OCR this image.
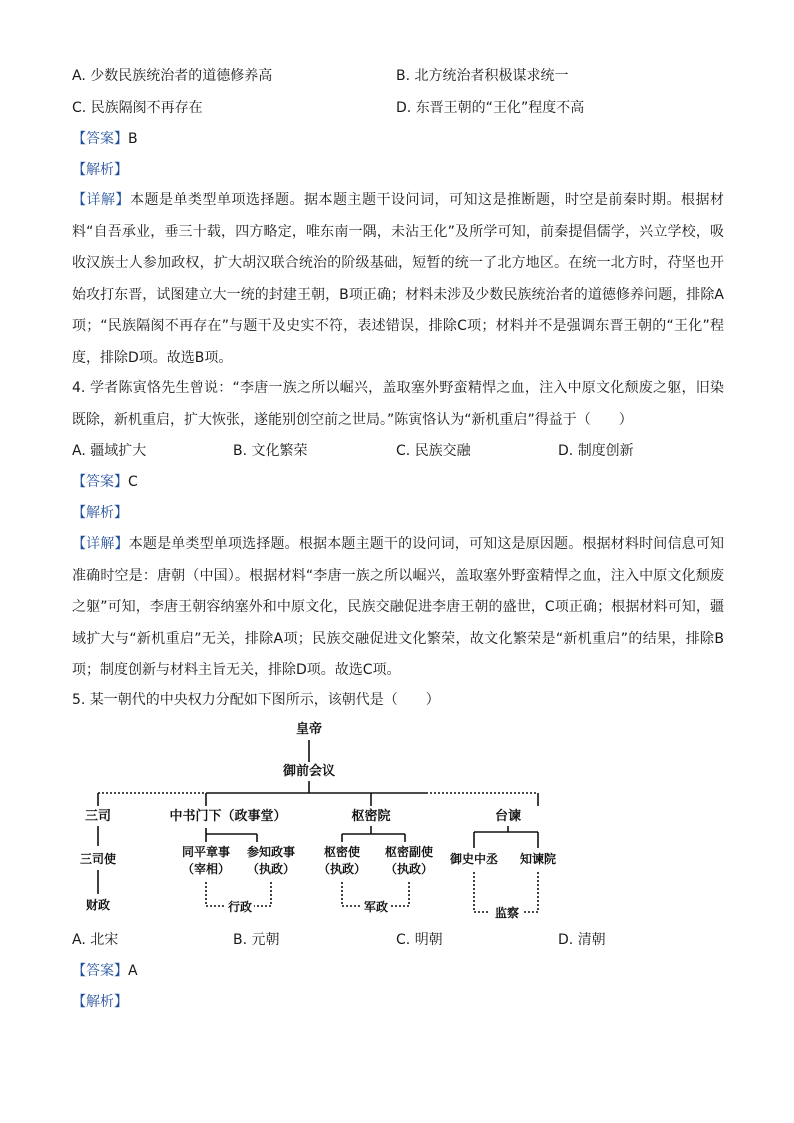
A. 少数民族统治者的道德修养高	B. 北方统治者积极谋求统一
C. 民族隔阂不再存在	D. 东晋王朝的“王化”程度不高
【答案】B
【解析】
【详解】本题是单类型单项选择题。据本题主题干设问词，可知这是推断题，时空是前秦时期。根据材料“自吾承业，垂三十载，四方略定，唯东南一隅，未沾王化”及所学可知，前秦提倡儒学，兴立学校，吸收汉族士人参加政权，扩大胡汉联合统治的阶级基础，短暂的统一了北方地区。在统一北方时，苻坚也开始攻打东晋，试图建立大一统的封建王朝，B项正确；材料未涉及少数民族统治者的道德修养问题，排除A项；“民族隔阂不再存在”与题干及史实不符，表述错误，排除C项；材料并不是强调东晋王朝的“王化”程度，排除D项。故选B项。
4. 学者陈寅恪先生曾说：“李唐一族之所以崛兴，盖取塞外野蛮精悍之血，注入中原文化颓废之躯，旧染既除，新机重启，扩大恢张，遂能别创空前之世局。”陈寅恪认为“新机重启”得益于（　　）
A. 疆域扩大	B. 文化繁荣	C. 民族交融	D. 制度创新
【答案】C
【解析】
【详解】本题是单类型单项选择题。根据本题主题干的设问词，可知这是原因题。根据材料时间信息可知准确时空是：唐朝（中国）。根据材料“李唐一族之所以崛兴，盖取塞外野蛮精悍之血，注入中原文化颓废之躯”可知，李唐王朝容纳塞外和中原文化，民族交融促进李唐王朝的盛世，C项正确；根据材料可知，疆域扩大与“新机重启”无关，排除A项；民族交融促进文化繁荣，故文化繁荣是“新机重启”的结果，排除B项；制度创新与材料主旨无关，排除D项。故选C项。
5. 某一朝代的中央权力分配如下图所示，该朝代是（　　）
皇帝
御前会议
三司	中书门下（政事堂）	枢密院	台谏
三司使	同平章事
（宰相）
参知政事
（执政）
枢密使
（执政）
枢密副使
（执政）
御史中丞 知谏院
财政	行政	军政	监察
A. 北宋	B. 元朝	C. 明朝	D. 清朝
【答案】A
【解析】
